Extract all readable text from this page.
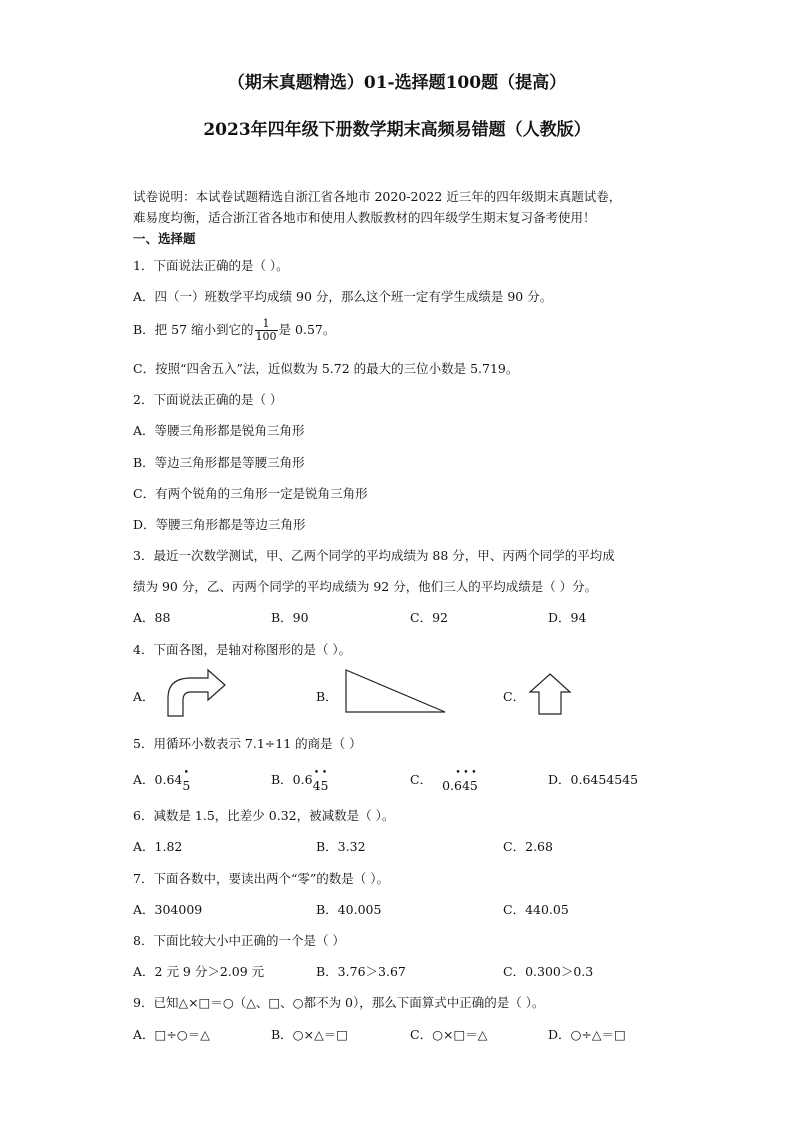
（期末真题精选）01-选择题100题（提高）
2023年四年级下册数学期末高频易错题（人教版）
试卷说明：本试卷试题精选自浙江省各地市 2020-2022 近三年的四年级期末真题试卷，
难易度均衡，适合浙江省各地市和使用人教版教材的四年级学生期末复习备考使用！
一、选择题
1．下面说法正确的是（ ）。
A．四（一）班数学平均成绩 90 分，那么这个班一定有学生成绩是 90 分。
B．把 57 缩小到它的 $\frac{1}{100}$ 是 0.57。
C．按照“四舍五入”法，近似数为 5.72 的最大的三位小数是 5.719。
2．下面说法正确的是（ ）
A．等腰三角形都是锐角三角形
B．等边三角形都是等腰三角形
C．有两个锐角的三角形一定是锐角三角形
D．等腰三角形都是等边三角形
3．最近一次数学测试，甲、乙两个同学的平均成绩为 88 分，甲、丙两个同学的平均成
绩为 90 分，乙、丙两个同学的平均成绩为 92 分，他们三人的平均成绩是（ ）分。
A．88	B．90	C．92	D．94
4．下面各图，是轴对称图形的是（ ）。
A．	B．	C．
5．用循环小数表示 7.1÷11 的商是（ ）
A．0.64• 5	B．0.6• 4• 5	C． 0.• 6• 4• 5	D．0.6454545
6．减数是 1.5，比差少 0.32，被减数是（ ）。
A．1.82	B．3.32	C．2.68
7．下面各数中，要读出两个“零”的数是（ ）。
A．304009	B．40.005	C．440.05
8．下面比较大小中正确的一个是（ ）
A．2 元 9 分＞2.09 元	B．3.76＞3.67	C．0.300＞0.3
9．已知△×□＝○（△、□、○都不为 0），那么下面算式中正确的是（ ）。
A．□÷○＝△	B．○×△＝□	C．○×□＝△	D．○÷△＝□
